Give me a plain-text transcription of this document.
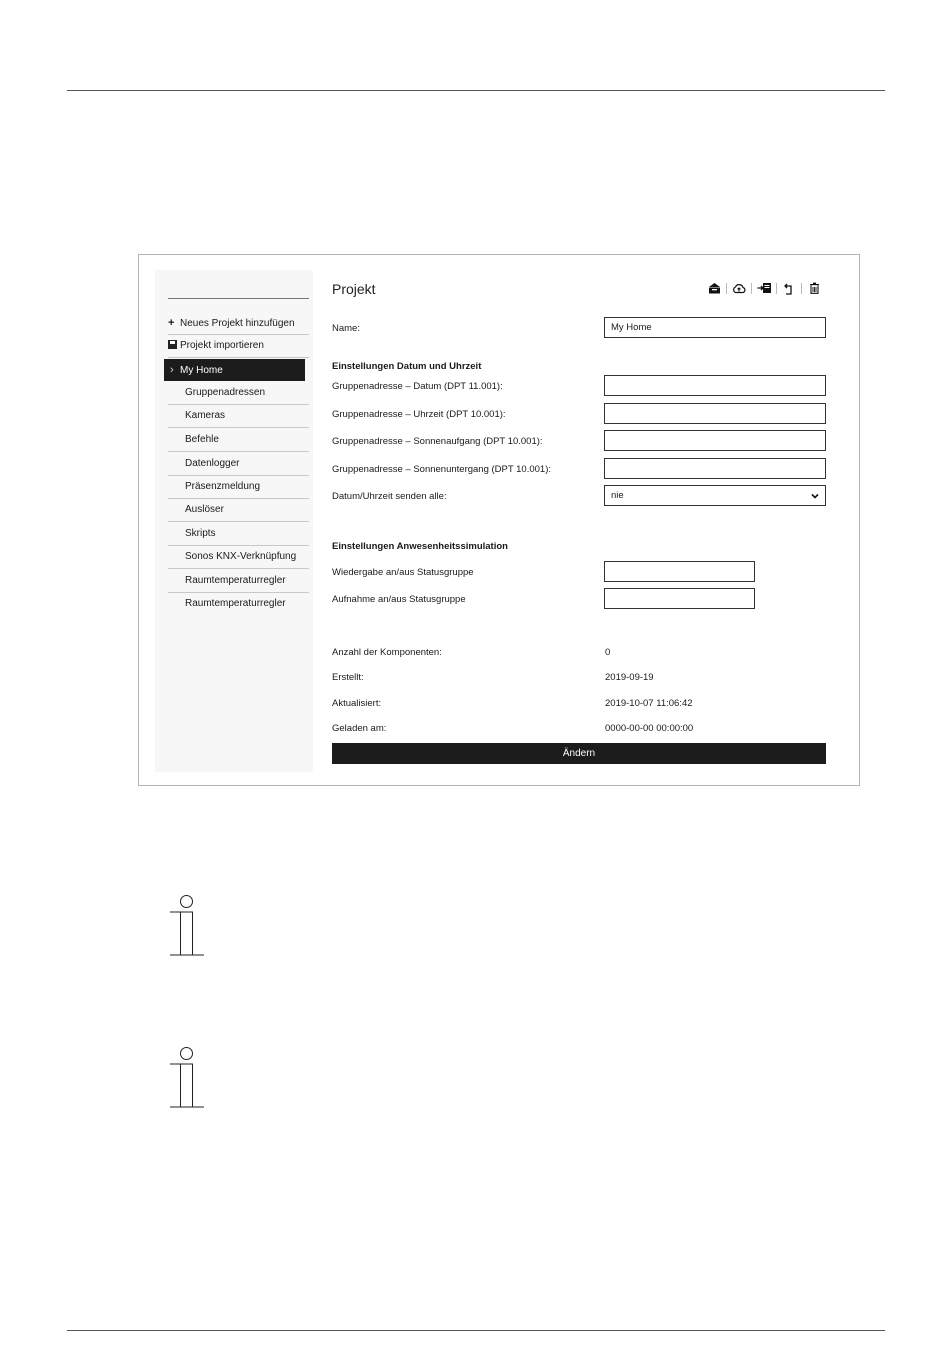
+ Neues Projekt hinzufügen
Projekt importieren
› My Home
Gruppenadressen
Kameras
Befehle
Datenlogger
Präsenzmeldung
Auslöser
Skripts
Sonos KNX-Verknüpfung
Raumtemperaturregler
Raumtemperaturregler
Projekt
Name:
My Home
Einstellungen Datum und Uhrzeit
Gruppenadresse – Datum (DPT 11.001):
Gruppenadresse – Uhrzeit (DPT 10.001):
Gruppenadresse – Sonnenaufgang (DPT 10.001):
Gruppenadresse – Sonnenuntergang (DPT 10.001):
Datum/Uhrzeit senden alle:	nie
Einstellungen Anwesenheitssimulation
Wiedergabe an/aus Statusgruppe
Aufnahme an/aus Statusgruppe
Anzahl der Komponenten:	0
Erstellt:	2019-09-19
Aktualisiert:	2019-10-07 11:06:42
Geladen am:	0000-00-00 00:00:00
Ändern
